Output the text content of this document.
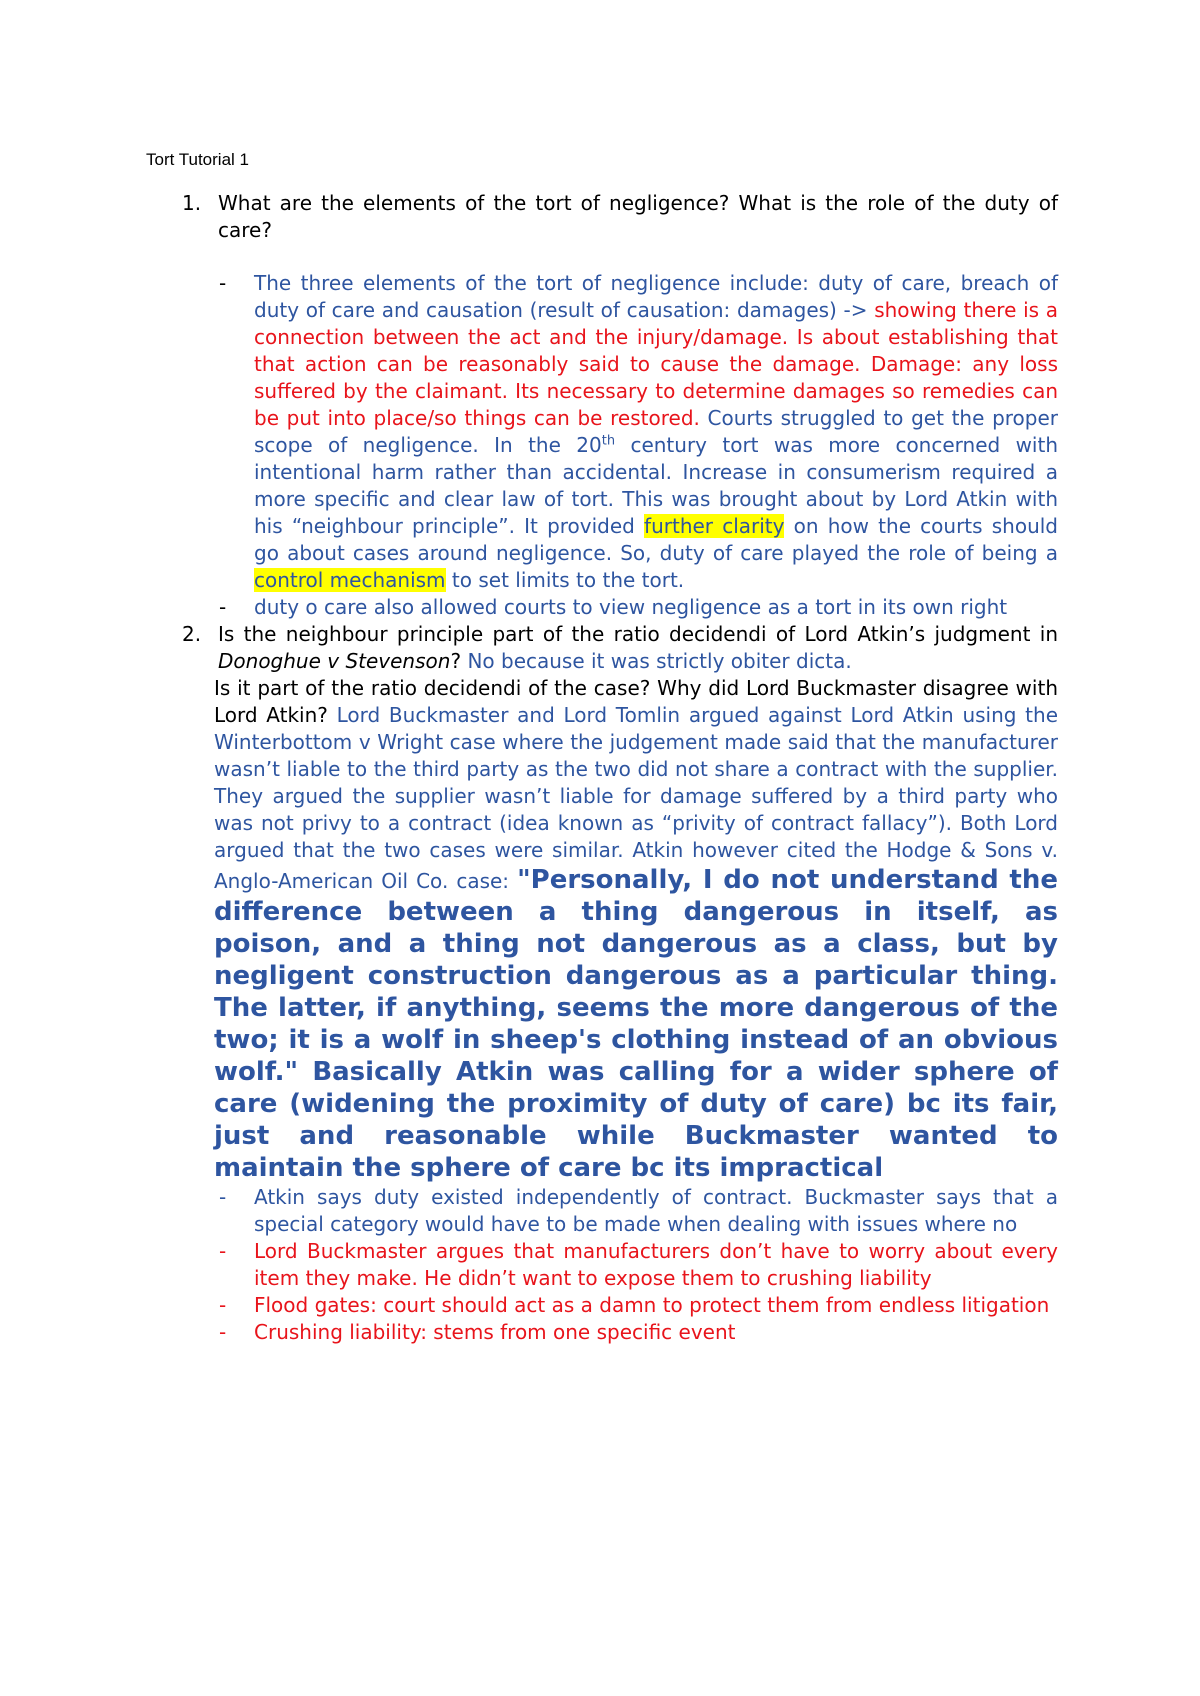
Tort Tutorial 1
1. What are the elements of the tort of negligence? What is the role of the duty of care?
- The three elements of the tort of negligence include: duty of care, breach of duty of care and causation (result of causation: damages) -> showing there is a connection between the act and the injury/damage. Is about establishing that that action can be reasonably said to cause the damage. Damage: any loss suffered by the claimant. Its necessary to determine damages so remedies can be put into place/so things can be restored. Courts struggled to get the proper scope of negligence. In the 20th century tort was more concerned with intentional harm rather than accidental. Increase in consumerism required a more specific and clear law of tort. This was brought about by Lord Atkin with his “neighbour principle”. It provided further clarity on how the courts should go about cases around negligence. So, duty of care played the role of being a control mechanism to set limits to the tort.
- duty o care also allowed courts to view negligence as a tort in its own right
2. Is the neighbour principle part of the ratio decidendi of Lord Atkin’s judgment in Donoghue v Stevenson? No because it was strictly obiter dicta.
Is it part of the ratio decidendi of the case? Why did Lord Buckmaster disagree with Lord Atkin? Lord Buckmaster and Lord Tomlin argued against Lord Atkin using the Winterbottom v Wright case where the judgement made said that the manufacturer wasn’t liable to the third party as the two did not share a contract with the supplier. They argued the supplier wasn’t liable for damage suffered by a third party who was not privy to a contract (idea known as “privity of contract fallacy”). Both Lord argued that the two cases were similar. Atkin however cited the Hodge & Sons v. Anglo-American Oil Co. case: "Personally, I do not understand the difference between a thing dangerous in itself, as poison, and a thing not dangerous as a class, but by negligent construction dangerous as a particular thing. The latter, if anything, seems the more dangerous of the two; it is a wolf in sheep's clothing instead of an obvious wolf." Basically Atkin was calling for a wider sphere of care (widening the proximity of duty of care) bc its fair, just and reasonable while Buckmaster wanted to maintain the sphere of care bc its impractical
- Atkin says duty existed independently of contract. Buckmaster says that a special category would have to be made when dealing with issues where no
- Lord Buckmaster argues that manufacturers don’t have to worry about every item they make. He didn’t want to expose them to crushing liability
- Flood gates: court should act as a damn to protect them from endless litigation
- Crushing liability: stems from one specific event
